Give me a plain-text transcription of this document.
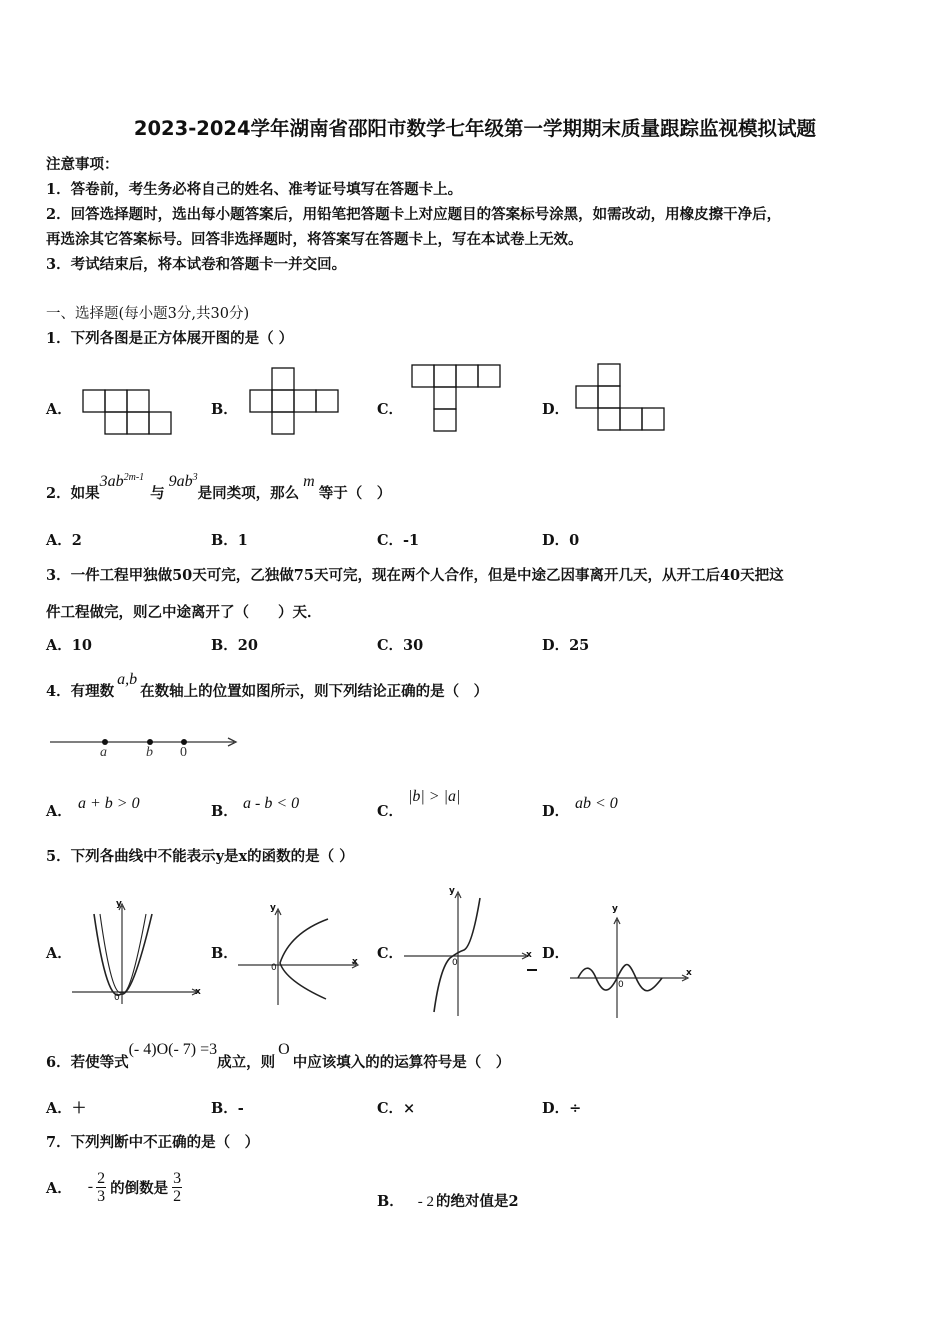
2023-2024学年湖南省邵阳市数学七年级第一学期期末质量跟踪监视模拟试题
注意事项：
1．答卷前，考生务必将自己的姓名、准考证号填写在答题卡上。
2．回答选择题时，选出每小题答案后，用铅笔把答题卡上对应题目的答案标号涂黑，如需改动，用橡皮擦干净后，
再选涂其它答案标号。回答非选择题时，将答案写在答题卡上，写在本试卷上无效。
3．考试结束后，将本试卷和答题卡一并交回。
一、选择题(每小题3分,共30分)
1．下列各图是正方体展开图的是（ ）
A．	B．	C．	D．
2．如果$3ab^{2m-1}$与$9ab^3$是同类项，那么m等于（　）
A．2	B．1	C．-1	D．0
3．一件工程甲独做50天可完，乙独做75天可完，现在两个人合作，但是中途乙因事离开几天，从开工后40天把这
件工程做完，则乙中途离开了（　　）天．
A．10	B．20	C．30	D．25
4．有理数a,b在数轴上的位置如图所示，则下列结论正确的是（　）
a	b 0
A． a + b > 0	B． a - b < 0	C．
|b| > |a|
D． ab < 0
5．下列各曲线中不能表示y是x的函数的是（ ）
A．
y
x
0
B．
y
x
0
C．
y
x
0
D．
y
x
0
6．若使等式(- 4)O(- 7) =3成立，则O中应该填入的的运算符号是（　）
A．＋	B．-	C．×	D．÷
7．下列判断中不正确的是（　）
A． - $\frac{2}{3}$ 的倒数是 $\frac{3}{2}$	B． - 2 的绝对值是2
